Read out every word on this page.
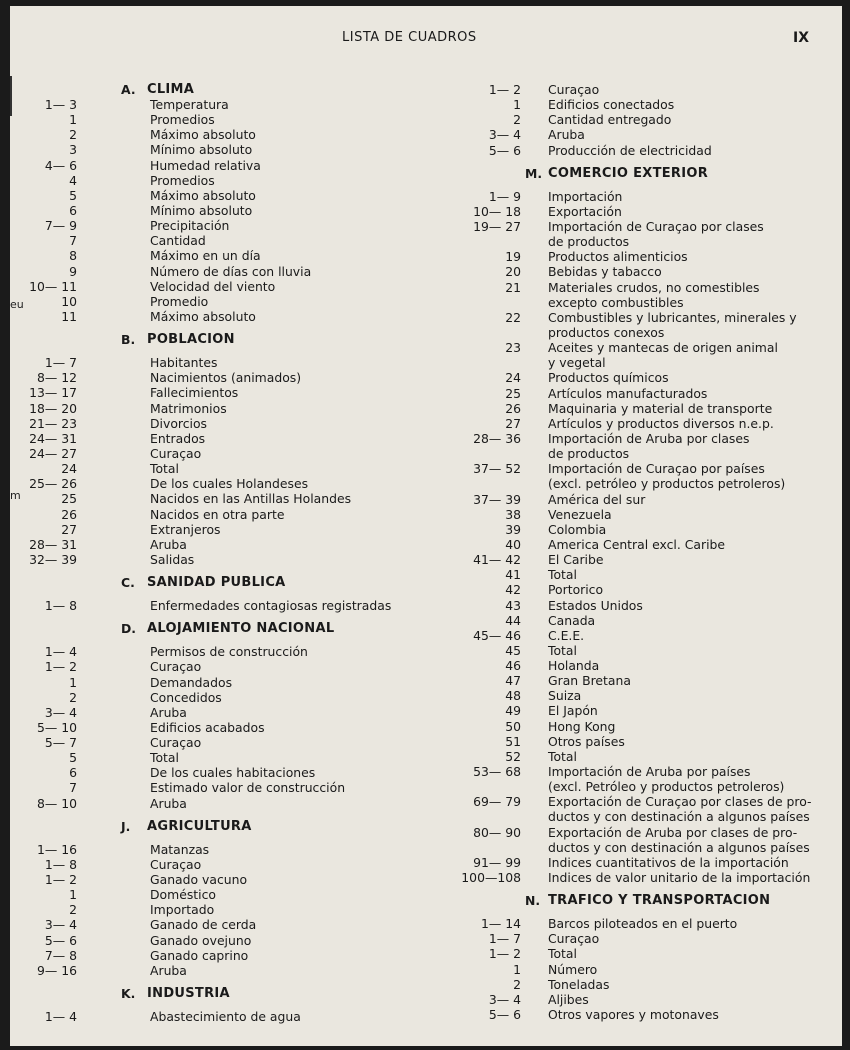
eu
m
LISTA DE CUADROS	IX
A. CLIMA
1— 3	Temperatura
1	Promedios
2	Máximo absoluto
3	Mínimo absoluto
4— 6	Humedad relativa
4	Promedios
5	Máximo absoluto
6	Mínimo absoluto
7— 9	Precipitación
7	Cantidad
8	Máximo en un día
9	Número de días con lluvia
10— 11	Velocidad del viento
10	Promedio
11	Máximo absoluto
B. POBLACION
1— 7	Habitantes
8— 12	Nacimientos (animados)
13— 17	Fallecimientos
18— 20	Matrimonios
21— 23	Divorcios
24— 31	Entrados
24— 27	Curaçao
24	Total
25— 26	De los cuales Holandeses
25	Nacidos en las Antillas Holandes
26	Nacidos en otra parte
27	Extranjeros
28— 31	Aruba
32— 39	Salidas
C. SANIDAD PUBLICA
1— 8	Enfermedades contagiosas registradas
D. ALOJAMIENTO NACIONAL
1— 4	Permisos de construcción
1— 2	Curaçao
1	Demandados
2	Concedidos
3— 4	Aruba
5— 10	Edificios acabados
5— 7	Curaçao
5	Total
6	De los cuales habitaciones
7	Estimado valor de construcción
8— 10	Aruba
J. AGRICULTURA
1— 16	Matanzas
1— 8	Curaçao
1— 2	Ganado vacuno
1	Doméstico
2	Importado
3— 4	Ganado de cerda
5— 6	Ganado ovejuno
7— 8	Ganado caprino
9— 16	Aruba
K. INDUSTRIA
1— 4	Abastecimiento de agua
1— 2 Curaçao
1 Edificios conectados
2 Cantidad entregado
3— 4 Aruba
5— 6 Producción de electricidad
M. COMERCIO EXTERIOR
1— 9 Importación
10— 18 Exportación
19— 27 Importación de Curaçao por clases
de productos
19 Productos alimenticios
20 Bebidas y tabacco
21 Materiales crudos, no comestibles
excepto combustibles
22 Combustibles y lubricantes, minerales y
productos conexos
23 Aceites y mantecas de origen animal
y vegetal
24 Productos químicos
25 Artículos manufacturados
26 Maquinaria y material de transporte
27 Artículos y productos diversos n.e.p.
28— 36 Importación de Aruba por clases
de productos
37— 52 Importación de Curaçao por países
(excl. petróleo y productos petroleros)
37— 39 América del sur
38 Venezuela
39 Colombia
40 America Central excl. Caribe
41— 42 El Caribe
41 Total
42 Portorico
43 Estados Unidos
44 Canada
45— 46 C.E.E.
45 Total
46 Holanda
47 Gran Bretana
48 Suiza
49 El Japón
50 Hong Kong
51 Otros países
52 Total
53— 68 Importación de Aruba por países
(excl. Petróleo y productos petroleros)
69— 79 Exportación de Curaçao por clases de pro-
ductos y con destinación a algunos países
80— 90 Exportación de Aruba por clases de pro-
ductos y con destinación a algunos países
91— 99 Indices cuantitativos de la importación
100—108 Indices de valor unitario de la importación
N. TRAFICO Y TRANSPORTACION
1— 14 Barcos piloteados en el puerto
1— 7 Curaçao
1— 2 Total
1 Número
2 Toneladas
3— 4 Aljibes
5— 6 Otros vapores y motonaves
